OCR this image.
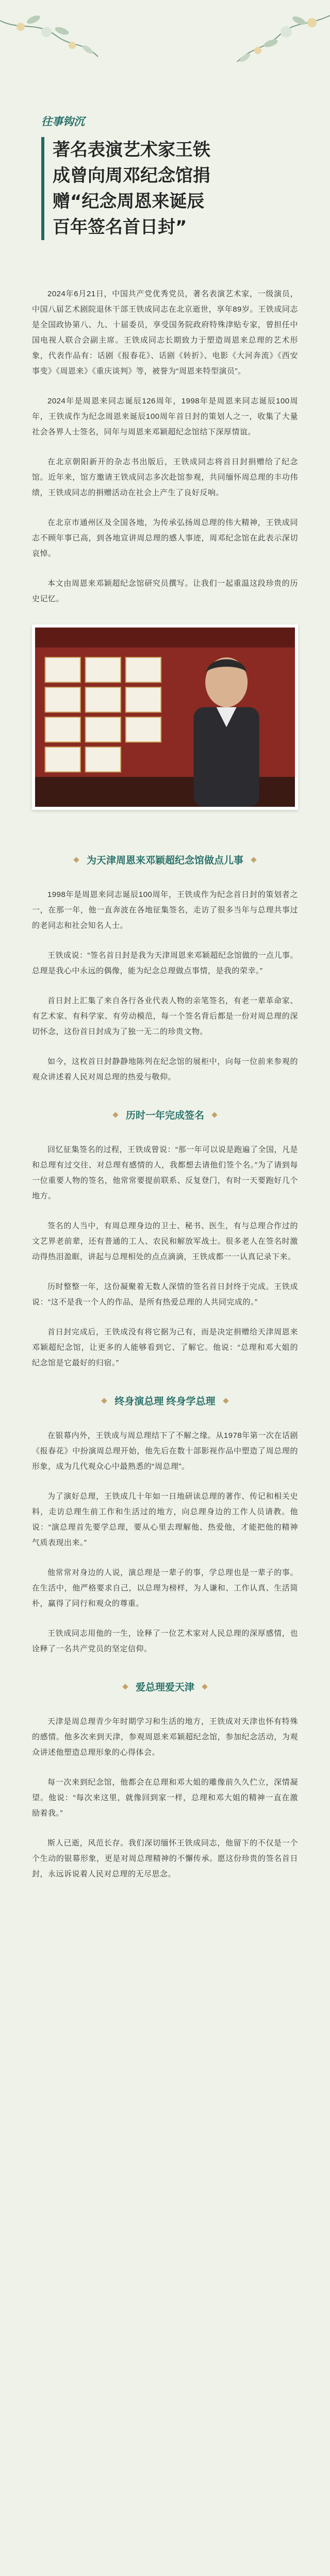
往事钩沉
著名表演艺术家王铁
成曾向周邓纪念馆捐
赠“纪念周恩来诞辰
百年签名首日封”

2024年6月21日，中国共产党优秀党员，著名表演艺术家，一级演员，中国八届艺术剧院退休干部王铁成同志在北京逝世，享年89岁。王铁成同志是全国政协第八、九、十届委员，享受国务院政府特殊津贴专家，曾担任中国电视人联合会副主席。王铁成同志长期致力于塑造周恩来总理的艺术形象，代表作品有：话剧《报春花》、话剧《转折》、电影《大河奔流》《西安事变》《周恩来》《重庆谈判》等，被誉为“周恩来特型演员”。

2024年是周恩来同志诞辰126周年，1998年是周恩来同志诞辰100周年，王铁成作为纪念周恩来诞辰100周年首日封的策划人之一，收集了大量社会各界人士签名，同年与周恩来邓颖超纪念馆结下深厚情谊。

在北京朝阳新开的杂志书出版后，王铁成同志将首日封捐赠给了纪念馆。近年来，馆方邀请王铁成同志多次赴馆参观，共同缅怀周总理的丰功伟绩，王铁成同志的捐赠活动在社会上产生了良好反响。

在北京市通州区及全国各地，为传承弘扬周总理的伟大精神，王铁成同志不顾年事已高，到各地宣讲周总理的感人事迹，周邓纪念馆在此表示深切哀悼。

本文由周恩来邓颖超纪念馆研究员撰写。让我们一起重温这段珍贵的历史记忆。

为天津周恩来邓颖超纪念馆做点儿事

1998年是周恩来同志诞辰100周年，王铁成作为纪念首日封的策划者之一，在那一年，他一直奔波在各地征集签名，走访了很多当年与总理共事过的老同志和社会知名人士。

王铁成说：“签名首日封是我为天津周恩来邓颖超纪念馆做的一点儿事。总理是我心中永远的偶像，能为纪念总理做点事情，是我的荣幸。”

首日封上汇集了来自各行各业代表人物的亲笔签名，有老一辈革命家、有艺术家、有科学家、有劳动模范，每一个签名背后都是一份对周总理的深切怀念，这份首日封成为了独一无二的珍贵文物。

如今，这枚首日封静静地陈列在纪念馆的展柜中，向每一位前来参观的观众讲述着人民对周总理的热爱与敬仰。

历时一年完成签名

回忆征集签名的过程，王铁成曾说：“那一年可以说是跑遍了全国，凡是和总理有过交往、对总理有感情的人，我都想去请他们签个名。”为了请到每一位重要人物的签名，他常常要提前联系、反复登门，有时一天要跑好几个地方。

签名的人当中，有周总理身边的卫士、秘书、医生，有与总理合作过的文艺界老前辈，还有普通的工人、农民和解放军战士。很多老人在签名时激动得热泪盈眶，讲起与总理相处的点点滴滴，王铁成都一一认真记录下来。

历时整整一年，这份凝聚着无数人深情的签名首日封终于完成。王铁成说：“这不是我一个人的作品，是所有热爱总理的人共同完成的。”

首日封完成后，王铁成没有将它据为己有，而是决定捐赠给天津周恩来邓颖超纪念馆，让更多的人能够看到它、了解它。他说：“总理和邓大姐的纪念馆是它最好的归宿。”

终身演总理 终身学总理

在银幕内外，王铁成与周总理结下了不解之缘。从1978年第一次在话剧《报春花》中扮演周总理开始，他先后在数十部影视作品中塑造了周总理的形象，成为几代观众心中最熟悉的“周总理”。

为了演好总理，王铁成几十年如一日地研读总理的著作、传记和相关史料，走访总理生前工作和生活过的地方，向总理身边的工作人员请教。他说：“演总理首先要学总理，要从心里去理解他、热爱他，才能把他的精神气质表现出来。”

他常常对身边的人说，演总理是一辈子的事，学总理也是一辈子的事。在生活中，他严格要求自己，以总理为榜样，为人谦和、工作认真、生活简朴，赢得了同行和观众的尊重。

王铁成同志用他的一生，诠释了一位艺术家对人民总理的深厚感情，也诠释了一名共产党员的坚定信仰。

爱总理爱天津

天津是周总理青少年时期学习和生活的地方，王铁成对天津也怀有特殊的感情。他多次来到天津，参观周恩来邓颖超纪念馆，参加纪念活动，为观众讲述他塑造总理形象的心得体会。

每一次来到纪念馆，他都会在总理和邓大姐的雕像前久久伫立，深情凝望。他说：“每次来这里，就像回到家一样，总理和邓大姐的精神一直在激励着我。”

斯人已逝，风范长存。我们深切缅怀王铁成同志，他留下的不仅是一个个生动的银幕形象，更是对周总理精神的不懈传承。愿这份珍贵的签名首日封，永远诉说着人民对总理的无尽思念。
